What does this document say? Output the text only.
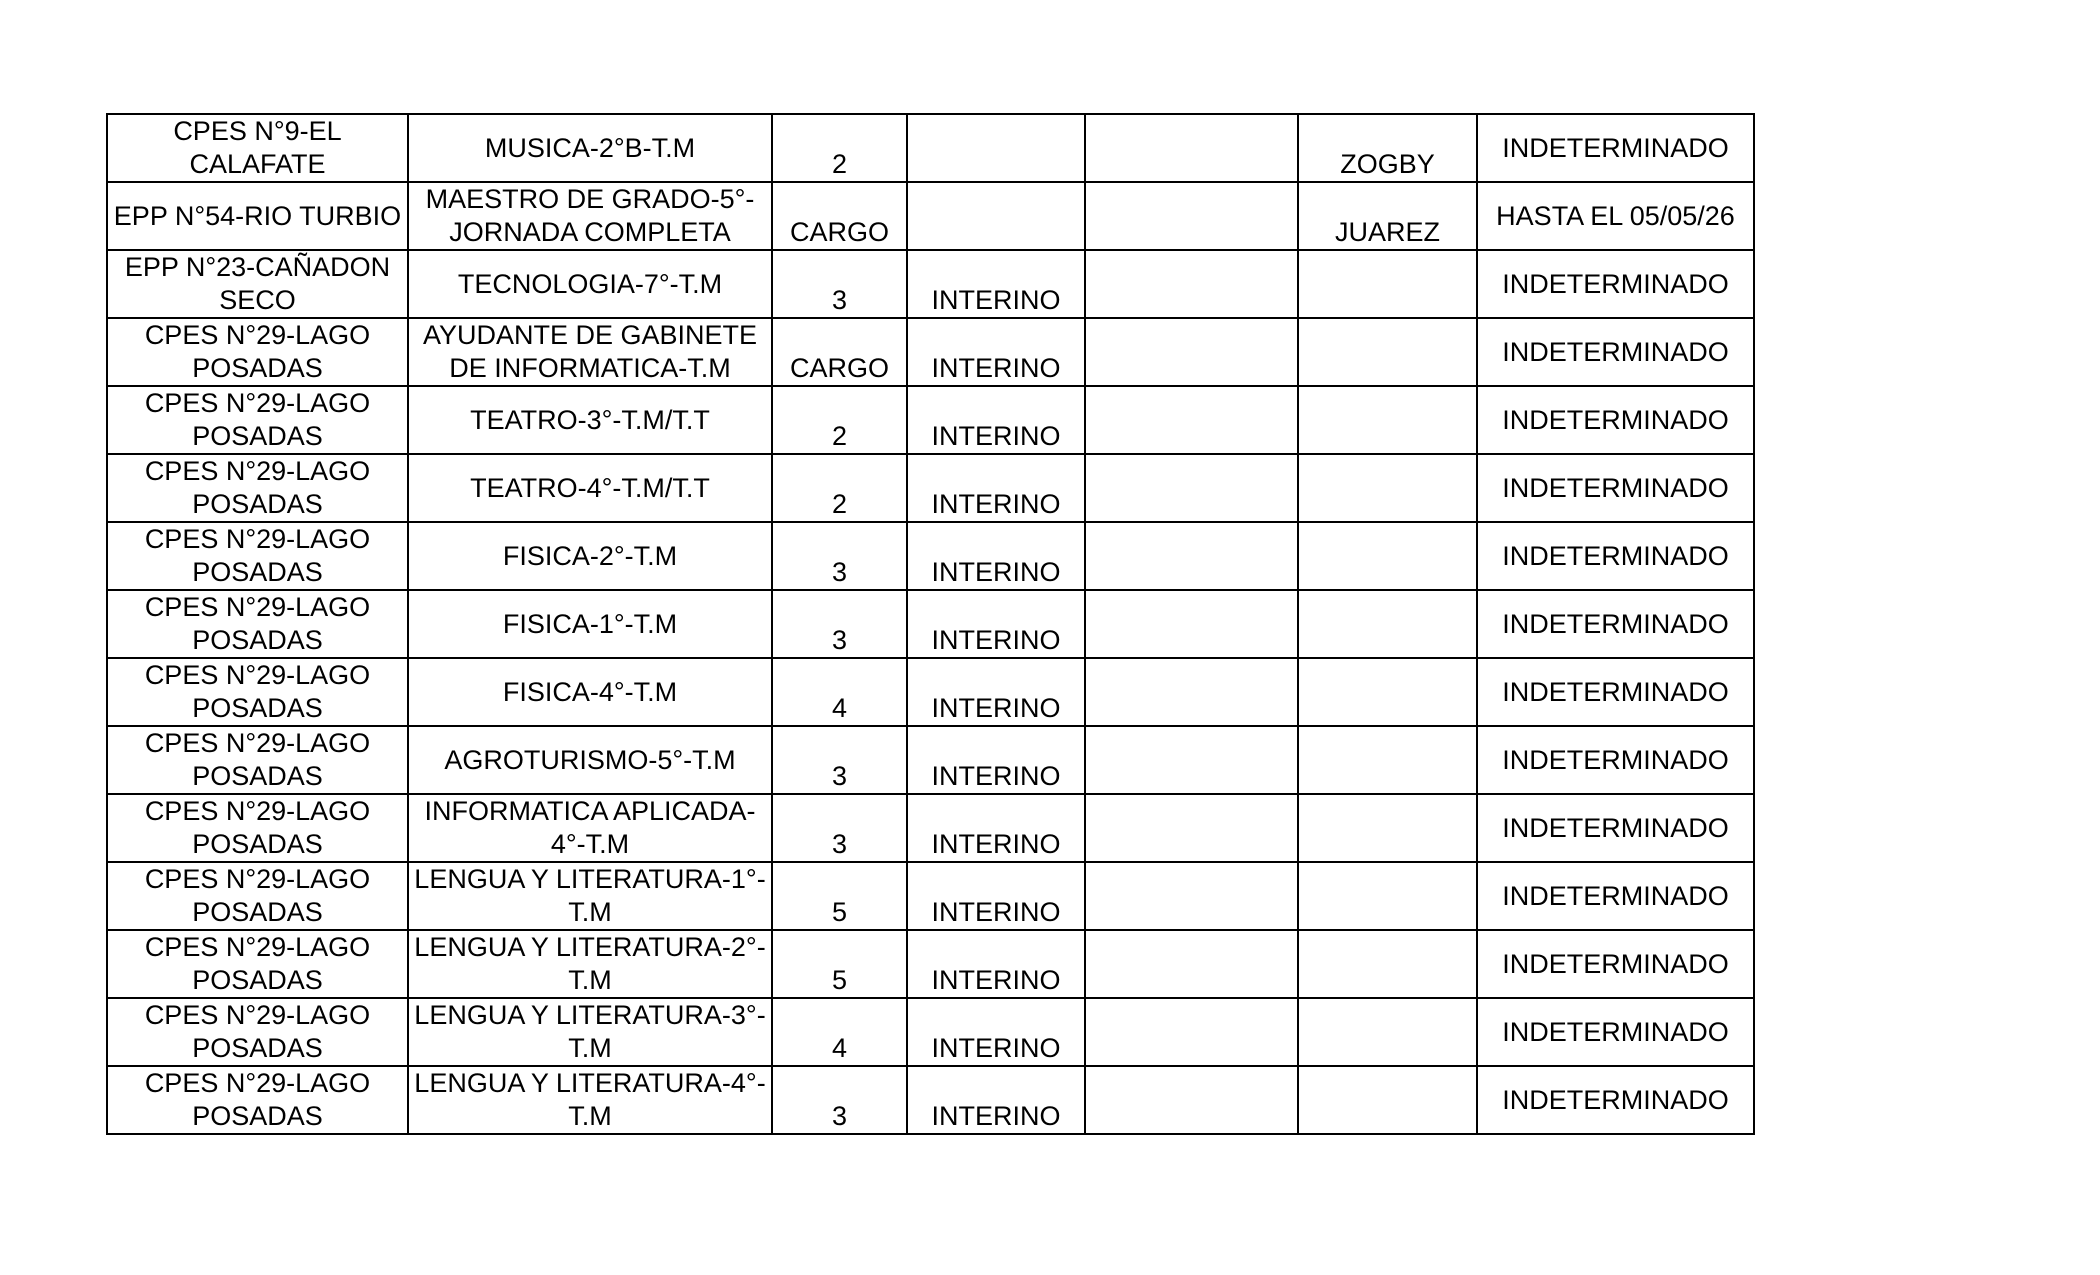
CPES N°9-EL CALAFATE	MUSICA-2°B-T.M	2			ZOGBY	INDETERMINADO
EPP N°54-RIO TURBIO	MAESTRO DE GRADO-5°-JORNADA COMPLETA	CARGO			JUAREZ	HASTA EL 05/05/26
EPP N°23-CAÑADON SECO	TECNOLOGIA-7°-T.M	3	INTERINO			INDETERMINADO
CPES N°29-LAGO POSADAS	AYUDANTE DE GABINETE DE INFORMATICA-T.M	CARGO	INTERINO			INDETERMINADO
CPES N°29-LAGO POSADAS	TEATRO-3°-T.M/T.T	2	INTERINO			INDETERMINADO
CPES N°29-LAGO POSADAS	TEATRO-4°-T.M/T.T	2	INTERINO			INDETERMINADO
CPES N°29-LAGO POSADAS	FISICA-2°-T.M	3	INTERINO			INDETERMINADO
CPES N°29-LAGO POSADAS	FISICA-1°-T.M	3	INTERINO			INDETERMINADO
CPES N°29-LAGO POSADAS	FISICA-4°-T.M	4	INTERINO			INDETERMINADO
CPES N°29-LAGO POSADAS	AGROTURISMO-5°-T.M	3	INTERINO			INDETERMINADO
CPES N°29-LAGO POSADAS	INFORMATICA APLICADA-4°-T.M	3	INTERINO			INDETERMINADO
CPES N°29-LAGO POSADAS	LENGUA Y LITERATURA-1°-T.M	5	INTERINO			INDETERMINADO
CPES N°29-LAGO POSADAS	LENGUA Y LITERATURA-2°-T.M	5	INTERINO			INDETERMINADO
CPES N°29-LAGO POSADAS	LENGUA Y LITERATURA-3°-T.M	4	INTERINO			INDETERMINADO
CPES N°29-LAGO POSADAS	LENGUA Y LITERATURA-4°-T.M	3	INTERINO			INDETERMINADO
